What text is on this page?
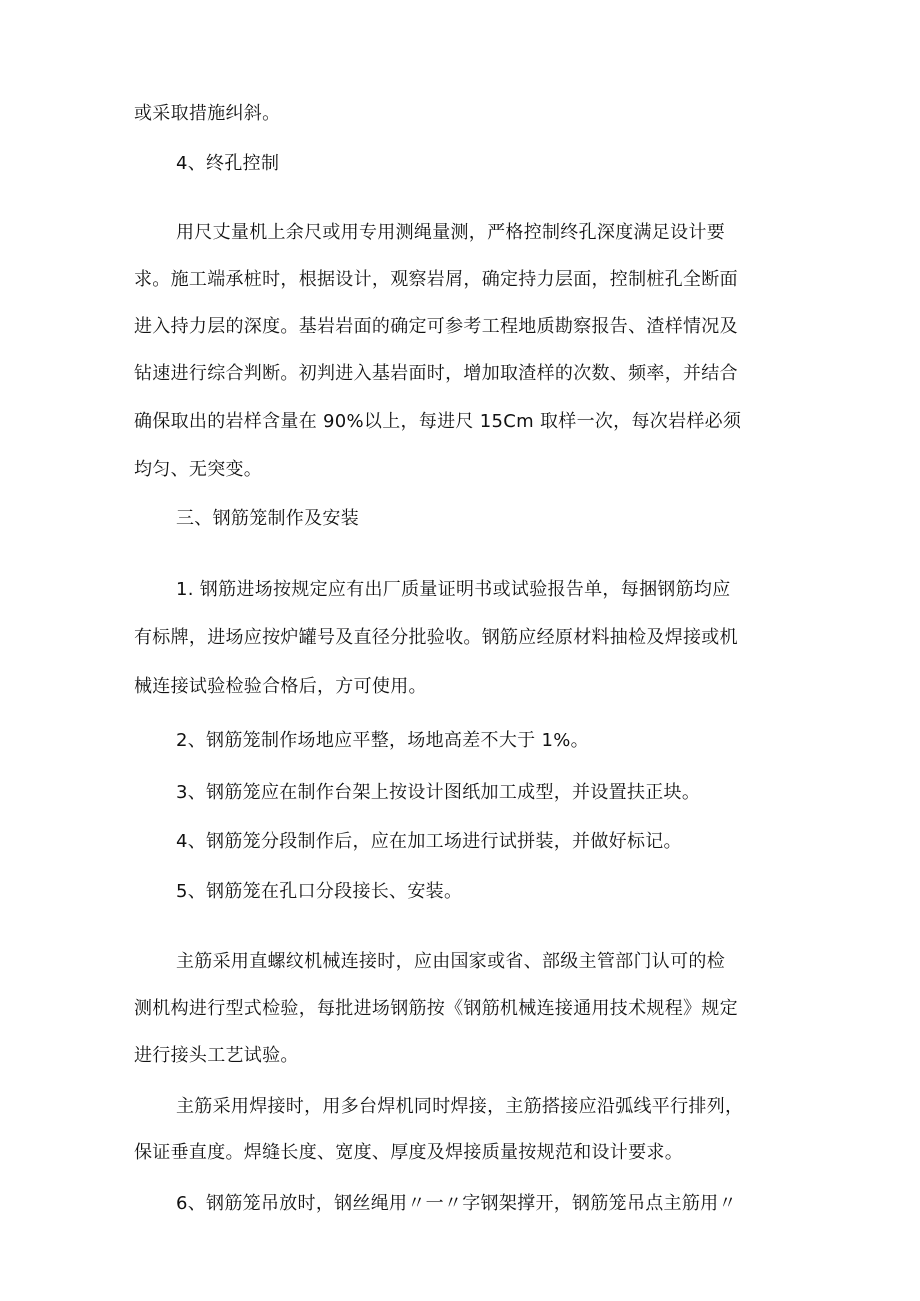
或采取措施纠斜。
4、终孔控制
用尺丈量机上余尺或用专用测绳量测，严格控制终孔深度满足设计要
求。施工端承桩时，根据设计，观察岩屑，确定持力层面，控制桩孔全断面
进入持力层的深度。基岩岩面的确定可参考工程地质勘察报告、渣样情况及
钻速进行综合判断。初判进入基岩面时，增加取渣样的次数、频率，并结合
确保取出的岩样含量在 90%以上，每进尺 15Cm 取样一次，每次岩样必须
均匀、无突变。
三、钢筋笼制作及安装
1. 钢筋进场按规定应有出厂质量证明书或试验报告单，每捆钢筋均应
有标牌，进场应按炉罐号及直径分批验收。钢筋应经原材料抽检及焊接或机
械连接试验检验合格后，方可使用。
2、钢筋笼制作场地应平整，场地高差不大于 1%。
3、钢筋笼应在制作台架上按设计图纸加工成型，并设置扶正块。
4、钢筋笼分段制作后，应在加工场进行试拼装，并做好标记。
5、钢筋笼在孔口分段接长、安装。
主筋采用直螺纹机械连接时，应由国家或省、部级主管部门认可的检
测机构进行型式检验，每批进场钢筋按《钢筋机械连接通用技术规程》规定
进行接头工艺试验。
主筋采用焊接时，用多台焊机同时焊接，主筋搭接应沿弧线平行排列，
保证垂直度。焊缝长度、宽度、厚度及焊接质量按规范和设计要求。
6、钢筋笼吊放时，钢丝绳用〃一〃字钢架撑开，钢筋笼吊点主筋用〃
